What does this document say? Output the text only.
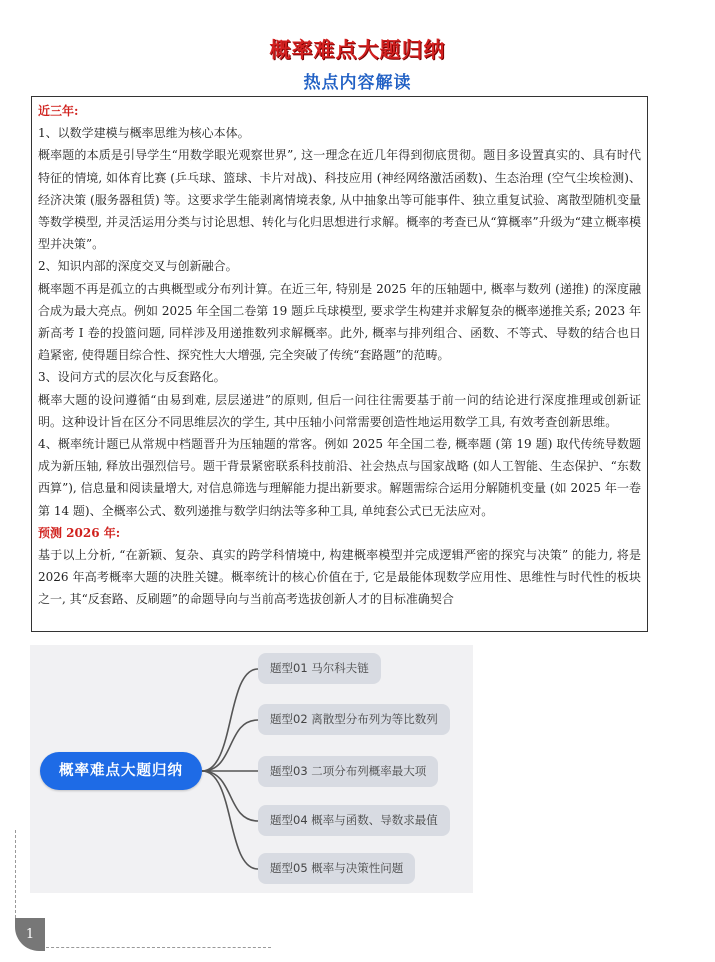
概率难点大题归纳
热点内容解读

近三年:

1、以数学建模与概率思维为核心本体。

概率题的本质是引导学生“用数学眼光观察世界”, 这一理念在近几年得到彻底贯彻。题目多设置真实的、具有时代特征的情境, 如体育比赛 (乒乓球、篮球、卡片对战)、科技应用 (神经网络激活函数)、生态治理 (空气尘埃检测)、经济决策 (服务器租赁) 等。这要求学生能剥离情境表象, 从中抽象出等可能事件、独立重复试验、离散型随机变量等数学模型, 并灵活运用分类与讨论思想、转化与化归思想进行求解。概率的考查已从“算概率”升级为“建立概率模型并决策”。

2、知识内部的深度交叉与创新融合。

概率题不再是孤立的古典概型或分布列计算。在近三年, 特别是 2025 年的压轴题中, 概率与数列 (递推) 的深度融合成为最大亮点。例如 2025 年全国二卷第 19 题乒乓球模型, 要求学生构建并求解复杂的概率递推关系; 2023 年新高考 Ⅰ 卷的投篮问题, 同样涉及用递推数列求解概率。此外, 概率与排列组合、函数、不等式、导数的结合也日趋紧密, 使得题目综合性、探究性大大增强, 完全突破了传统“套路题”的范畴。

3、设问方式的层次化与反套路化。

概率大题的设问遵循“由易到难, 层层递进”的原则, 但后一问往往需要基于前一问的结论进行深度推理或创新证明。这种设计旨在区分不同思维层次的学生, 其中压轴小问常需要创造性地运用数学工具, 有效考查创新思维。

4、概率统计题已从常规中档题晋升为压轴题的常客。例如 2025 年全国二卷, 概率题 (第 19 题) 取代传统导数题成为新压轴, 释放出强烈信号。题干背景紧密联系科技前沿、社会热点与国家战略 (如人工智能、生态保护、“东数西算”), 信息量和阅读量增大, 对信息筛选与理解能力提出新要求。解题需综合运用分解随机变量 (如 2025 年一卷第 14 题)、全概率公式、数列递推与数学归纳法等多种工具, 单纯套公式已无法应对。

预测 2026 年:

基于以上分析, “在新颖、复杂、真实的跨学科情境中, 构建概率模型并完成逻辑严密的探究与决策” 的能力, 将是 2026 年高考概率大题的决胜关键。概率统计的核心价值在于, 它是最能体现数学应用性、思维性与时代性的板块之一, 其“反套路、反刷题”的命题导向与当前高考选拔创新人才的目标准确契合

概率难点大题归纳
题型01 马尔科夫链
题型02 离散型分布列为等比数列
题型03 二项分布列概率最大项
题型04 概率与函数、导数求最值
题型05 概率与决策性问题
1
